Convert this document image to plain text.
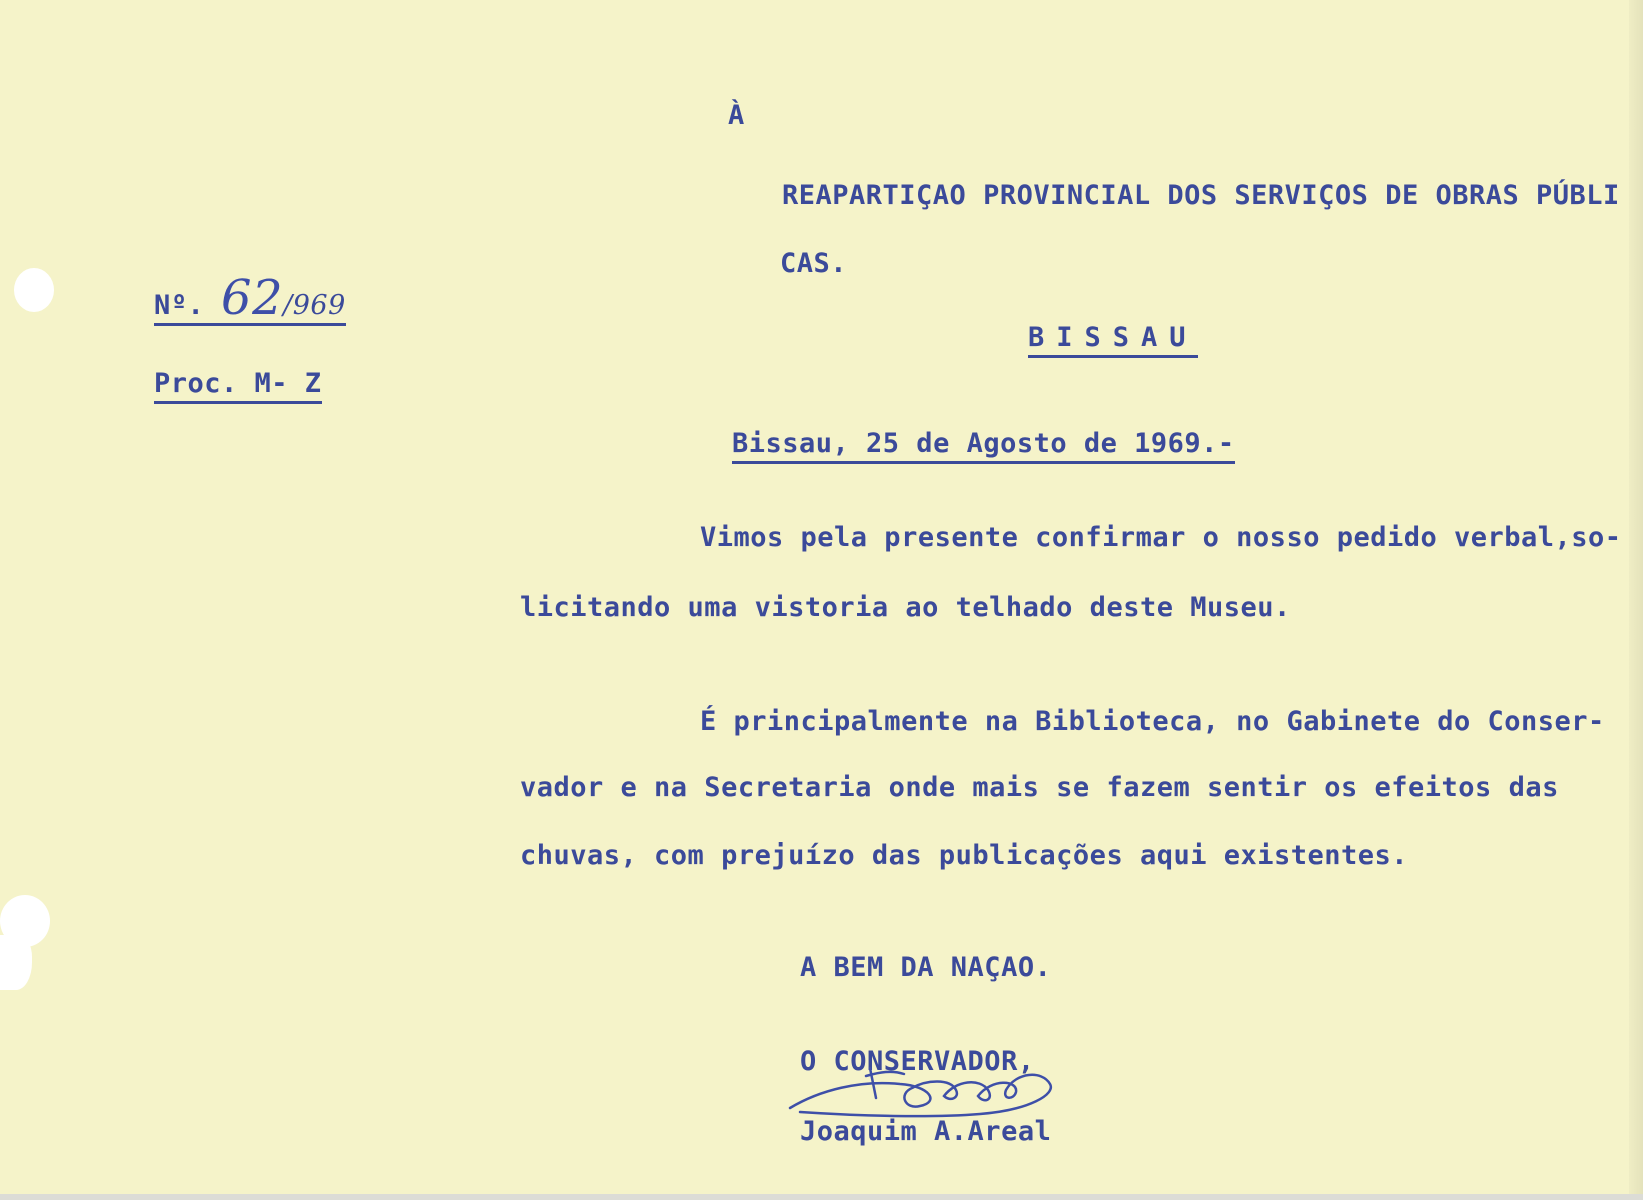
À
REAPARTIÇAO PROVINCIAL DOS SERVIÇOS DE OBRAS PÚBLI
CAS.
BISSAU
Nº. 62/969
Proc. M- Z
Bissau, 25 de Agosto de 1969.-
Vimos pela presente confirmar o nosso pedido verbal,so-
licitando uma vistoria ao telhado deste Museu.
É principalmente na Biblioteca, no Gabinete do Conser-
vador e na Secretaria onde mais se fazem sentir os efeitos das
chuvas, com prejuízo das publicações aqui existentes.
A BEM DA NAÇAO.
O CONSERVADOR,
Joaquim A.Areal
